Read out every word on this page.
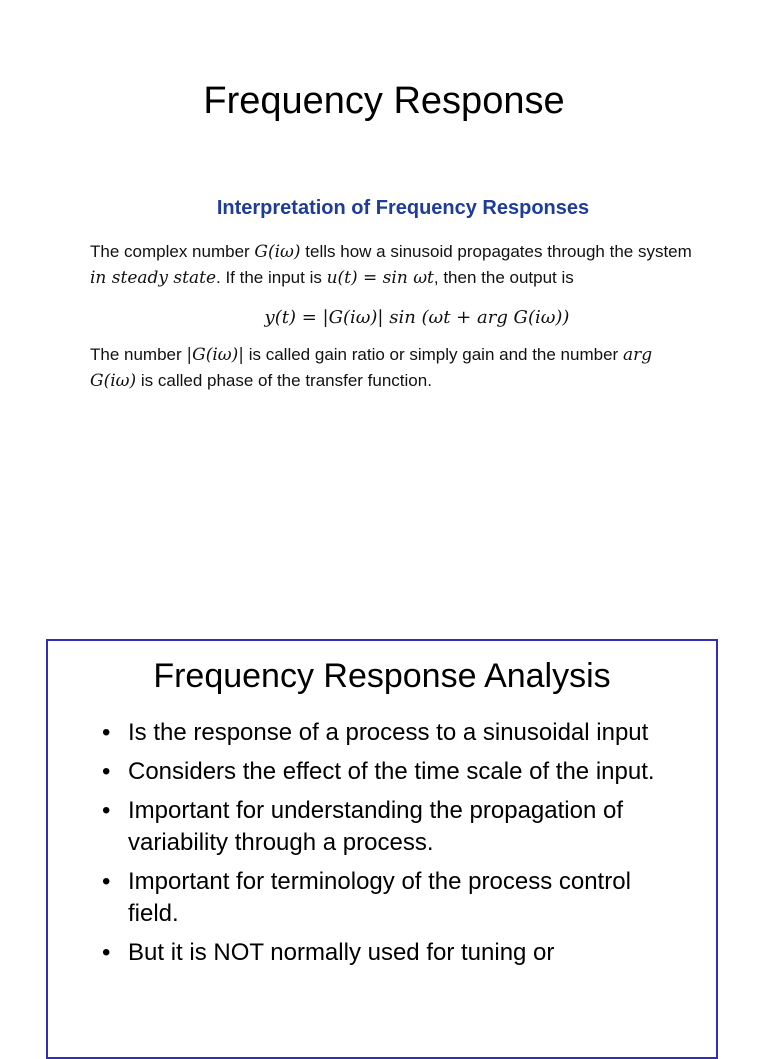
Frequency Response
Interpretation of Frequency Responses

The complex number G(iω) tells how a sinusoid propagates through the system in steady state. If the input is u(t) = sin ωt, then the output is

y(t) = |G(iω)| sin (ωt + arg G(iω))

The number |G(iω)| is called gain ratio or simply gain and the number arg G(iω) is called phase of the transfer function.

Frequency Response Analysis
• Is the response of a process to a sinusoidal input
• Considers the effect of the time scale of the input.
• Important for understanding the propagation of variability through a process.
• Important for terminology of the process control field.
• But it is NOT normally used for tuning or
